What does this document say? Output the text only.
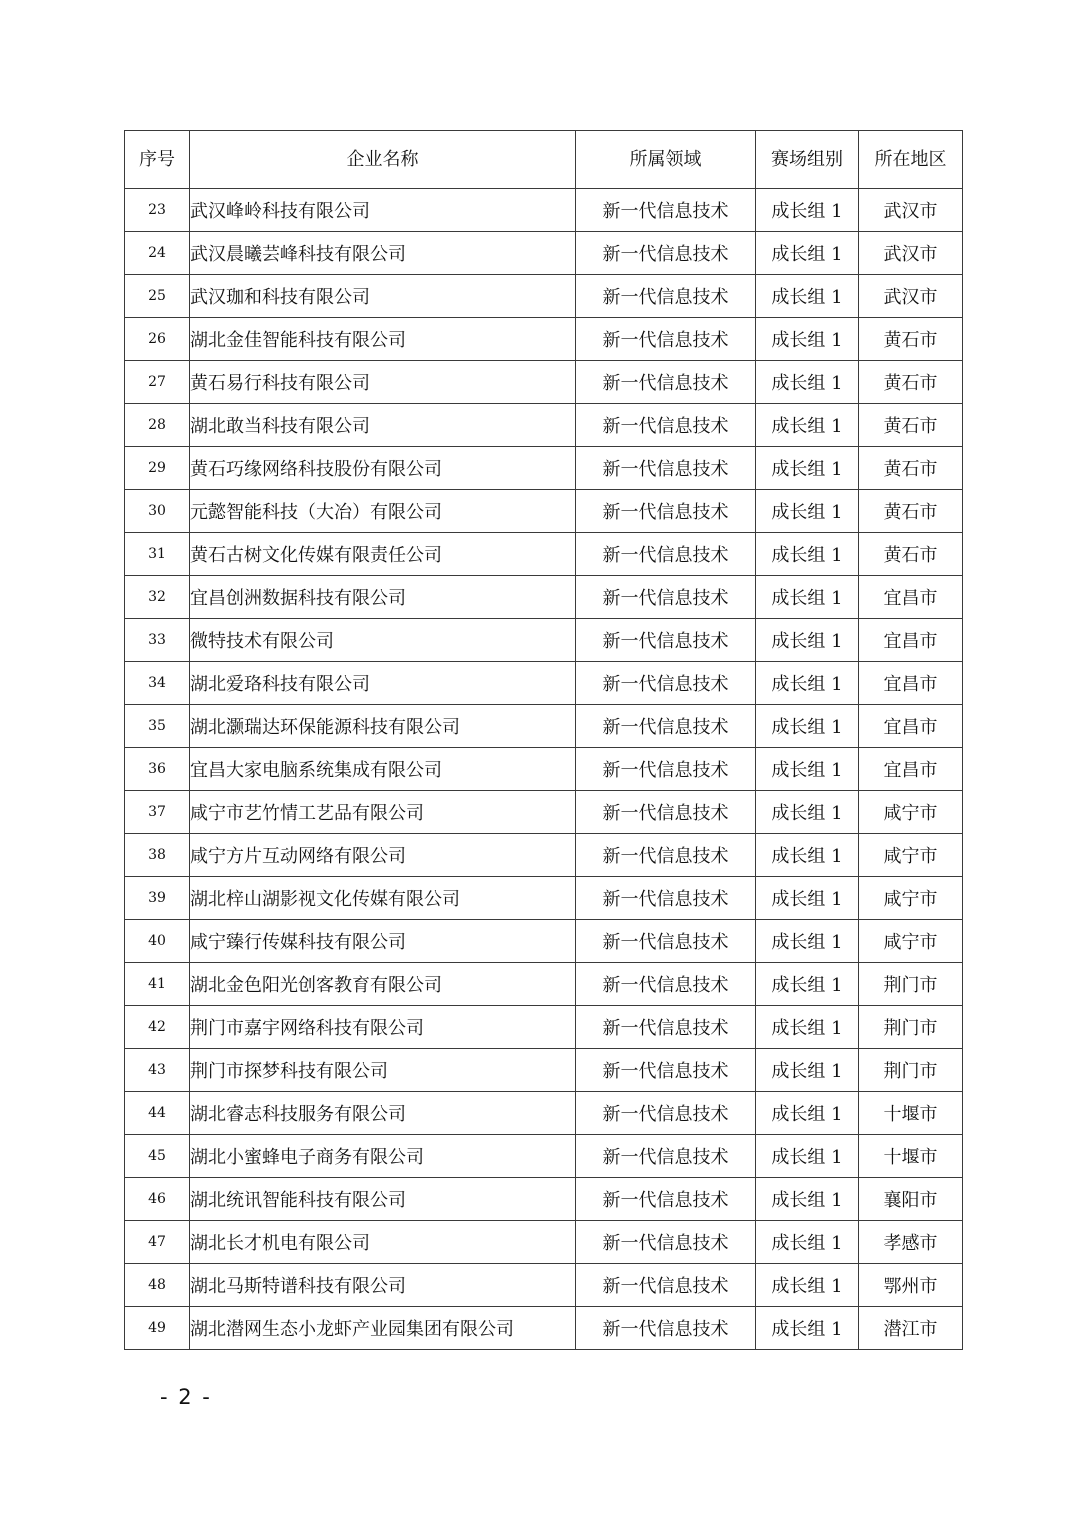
序号	企业名称	所属领域	赛场组别	所在地区
23	武汉峰岭科技有限公司	新一代信息技术	成长组 1	武汉市
24	武汉晨曦芸峰科技有限公司	新一代信息技术	成长组 1	武汉市
25	武汉珈和科技有限公司	新一代信息技术	成长组 1	武汉市
26	湖北金佳智能科技有限公司	新一代信息技术	成长组 1	黄石市
27	黄石易行科技有限公司	新一代信息技术	成长组 1	黄石市
28	湖北敢当科技有限公司	新一代信息技术	成长组 1	黄石市
29	黄石巧缘网络科技股份有限公司	新一代信息技术	成长组 1	黄石市
30	元懿智能科技（大冶）有限公司	新一代信息技术	成长组 1	黄石市
31	黄石古树文化传媒有限责任公司	新一代信息技术	成长组 1	黄石市
32	宜昌创洲数据科技有限公司	新一代信息技术	成长组 1	宜昌市
33	微特技术有限公司	新一代信息技术	成长组 1	宜昌市
34	湖北爱珞科技有限公司	新一代信息技术	成长组 1	宜昌市
35	湖北灏瑞达环保能源科技有限公司	新一代信息技术	成长组 1	宜昌市
36	宜昌大家电脑系统集成有限公司	新一代信息技术	成长组 1	宜昌市
37	咸宁市艺竹情工艺品有限公司	新一代信息技术	成长组 1	咸宁市
38	咸宁方片互动网络有限公司	新一代信息技术	成长组 1	咸宁市
39	湖北梓山湖影视文化传媒有限公司	新一代信息技术	成长组 1	咸宁市
40	咸宁臻行传媒科技有限公司	新一代信息技术	成长组 1	咸宁市
41	湖北金色阳光创客教育有限公司	新一代信息技术	成长组 1	荆门市
42	荆门市嘉宇网络科技有限公司	新一代信息技术	成长组 1	荆门市
43	荆门市探梦科技有限公司	新一代信息技术	成长组 1	荆门市
44	湖北睿志科技服务有限公司	新一代信息技术	成长组 1	十堰市
45	湖北小蜜蜂电子商务有限公司	新一代信息技术	成长组 1	十堰市
46	湖北统讯智能科技有限公司	新一代信息技术	成长组 1	襄阳市
47	湖北长才机电有限公司	新一代信息技术	成长组 1	孝感市
48	湖北马斯特谱科技有限公司	新一代信息技术	成长组 1	鄂州市
49	湖北潜网生态小龙虾产业园集团有限公司	新一代信息技术	成长组 1	潜江市
- 2 -
